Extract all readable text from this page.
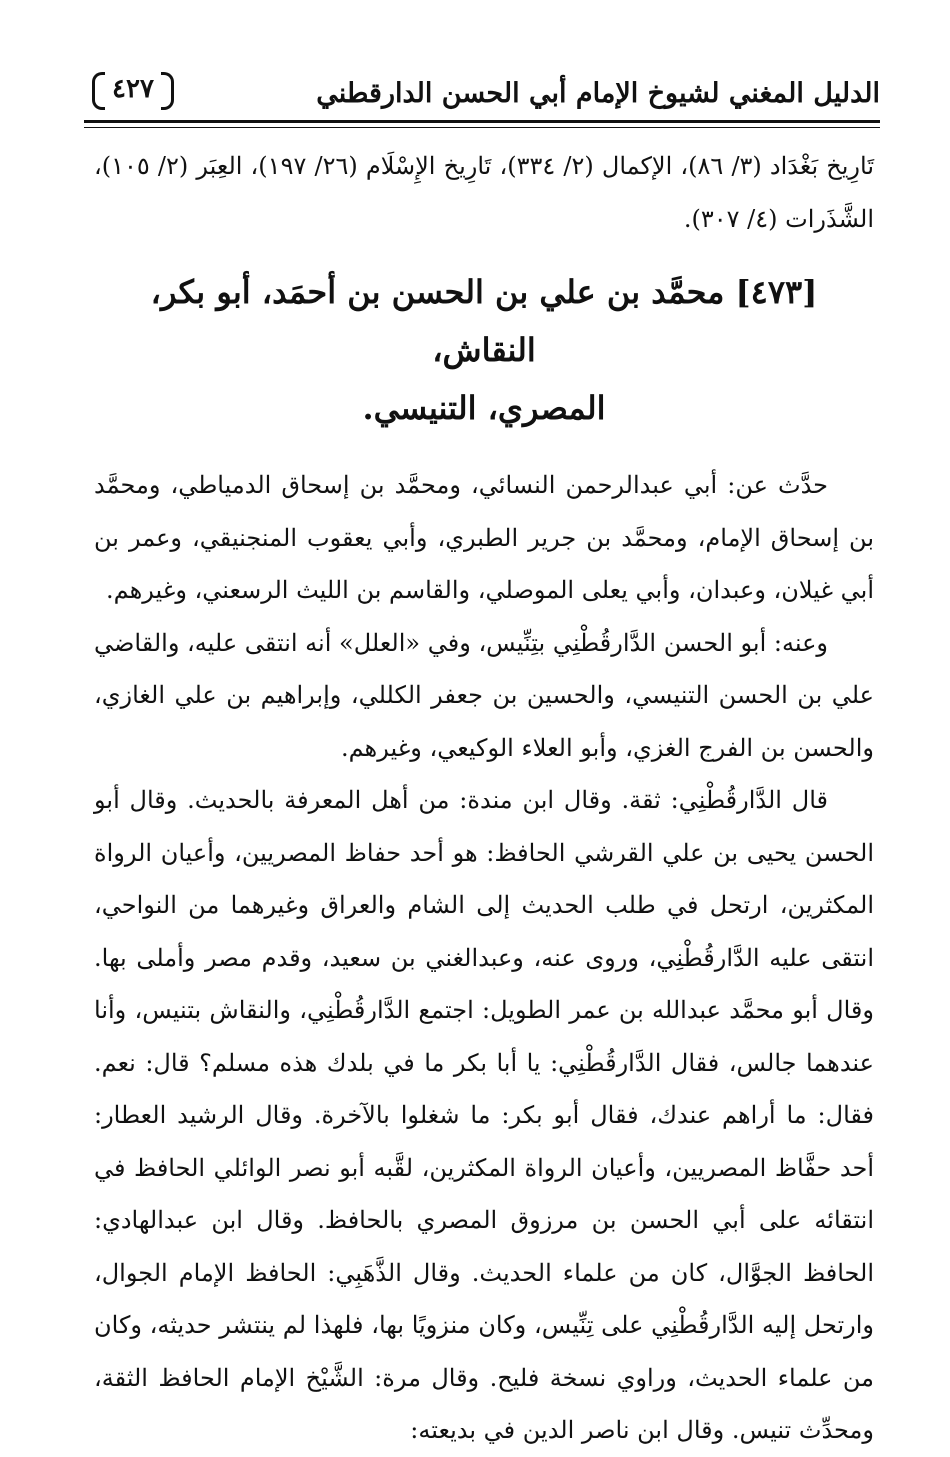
الدليل المغني لشيوخ الإمام أبي الحسن الدارقطني
٤٢٧

تَارِيخ بَغْدَاد (٣/ ٨٦)، الإكمال (٢/ ٣٣٤)، تَارِيخ الإِسْلَام (٢٦/ ١٩٧)، العِبَر (٢/ ١٠٥)، الشَّذَرات (٤/ ٣٠٧).

[٤٧٣] محمَّد بن علي بن الحسن بن أحمَد، أبو بكر، النقاش،
المصري، التنيسي.

حدَّث عن: أبي عبدالرحمن النسائي، ومحمَّد بن إسحاق الدمياطي، ومحمَّد بن إسحاق الإمام، ومحمَّد بن جرير الطبري، وأبي يعقوب المنجنيقي، وعمر بن أبي غيلان، وعبدان، وأبي يعلى الموصلي، والقاسم بن الليث الرسعني، وغيرهم.

وعنه: أبو الحسن الدَّارقُطْنِي بتِنِّيس، وفي «العلل» أنه انتقى عليه، والقاضي علي بن الحسن التنيسي، والحسين بن جعفر الكللي، وإبراهيم بن علي الغازي، والحسن بن الفرج الغزي، وأبو العلاء الوكيعي، وغيرهم.

قال الدَّارقُطْنِي: ثقة. وقال ابن مندة: من أهل المعرفة بالحديث. وقال أبو الحسن يحيى بن علي القرشي الحافظ: هو أحد حفاظ المصريين، وأعيان الرواة المكثرين، ارتحل في طلب الحديث إلى الشام والعراق وغيرهما من النواحي، انتقى عليه الدَّارقُطْنِي، وروى عنه، وعبدالغني بن سعيد، وقدم مصر وأملى بها. وقال أبو محمَّد عبدالله بن عمر الطويل: اجتمع الدَّارقُطْنِي، والنقاش بتنيس، وأنا عندهما جالس، فقال الدَّارقُطْنِي: يا أبا بكر ما في بلدك هذه مسلم؟ قال: نعم. فقال: ما أراهم عندك، فقال أبو بكر: ما شغلوا بالآخرة. وقال الرشيد العطار: أحد حفَّاظ المصريين، وأعيان الرواة المكثرين، لقَّبه أبو نصر الوائلي الحافظ في انتقائه على أبي الحسن بن مرزوق المصري بالحافظ. وقال ابن عبدالهادي: الحافظ الجوَّال، كان من علماء الحديث. وقال الذَّهَبِي: الحافظ الإمام الجوال، وارتحل إليه الدَّارقُطْنِي على تِنِّيس، وكان منزويًا بها، فلهذا لم ينتشر حديثه، وكان من علماء الحديث، وراوي نسخة فليح. وقال مرة: الشَّيْخ الإمام الحافظ الثقة، ومحدِّث تنيس. وقال ابن ناصر الدين في بديعته:
